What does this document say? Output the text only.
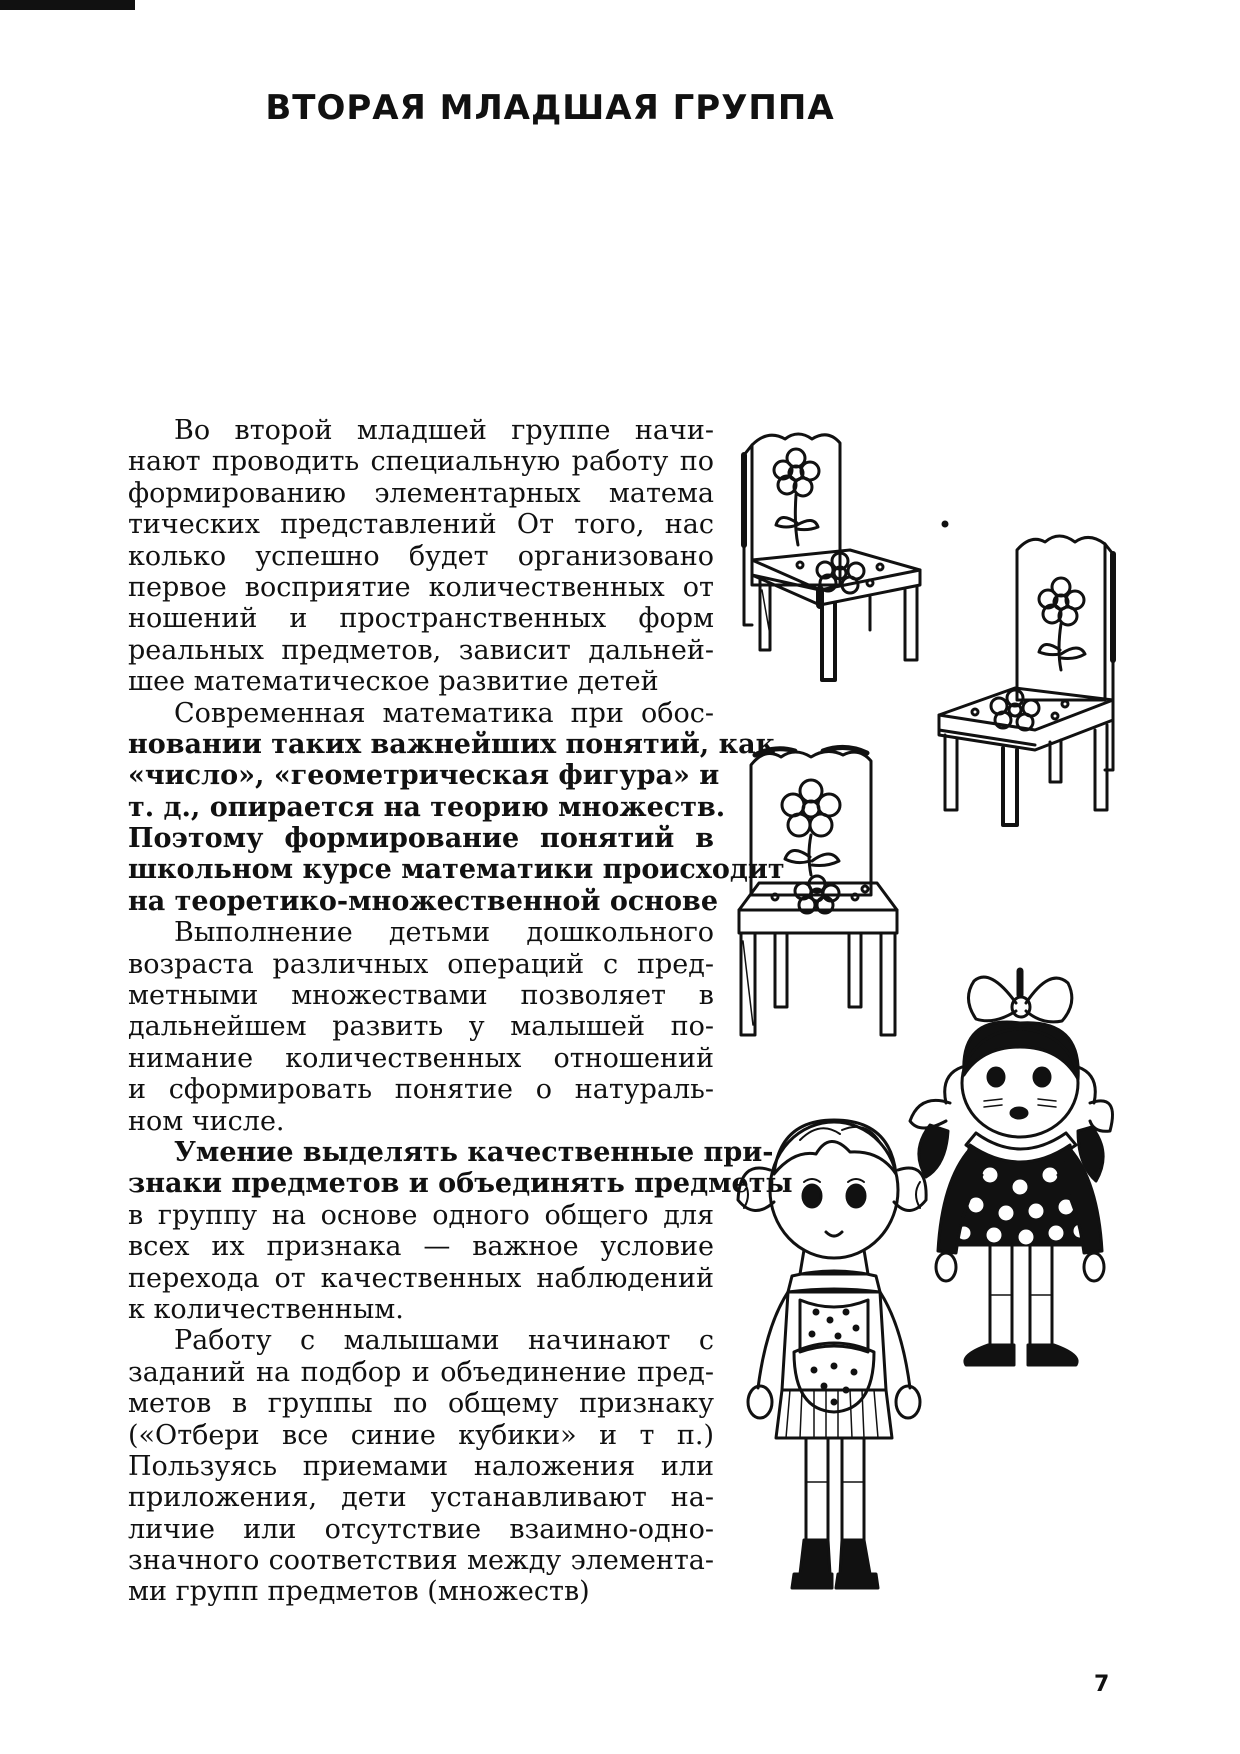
ВТОРАЯ МЛАДШАЯ ГРУППА
Во второй младшей группе начи-
нают проводить специальную работу по
формированию элементарных матема
тических представлений От того, нас
колько успешно будет организовано
первое восприятие количественных от
ношений и пространственных форм
реальных предметов, зависит дальней-
шее математическое развитие детей
Современная математика при обос-
новании таких важнейших понятий, как
«число», «геометрическая фигура» и
т. д., опирается на теорию множеств.
Поэтому формирование понятий в
школьном курсе математики происходит
на теоретико-множественной основе
Выполнение детьми дошкольного
возраста различных операций с пред-
метными множествами позволяет в
дальнейшем развить у малышей по-
нимание количественных отношений
и сформировать понятие о натураль-
ном числе.
Умение выделять качественные при-
знаки предметов и объединять предметы
в группу на основе одного общего для
всех их признака — важное условие
перехода от качественных наблюдений
к количественным.
Работу с малышами начинают с
заданий на подбор и объединение пред-
метов в группы по общему признаку
(«Отбери все синие кубики» и т п.)
Пользуясь приемами наложения или
приложения, дети устанавливают на-
личие или отсутствие взаимно-одно-
значного соответствия между элемента-
ми групп предметов (множеств)
7
